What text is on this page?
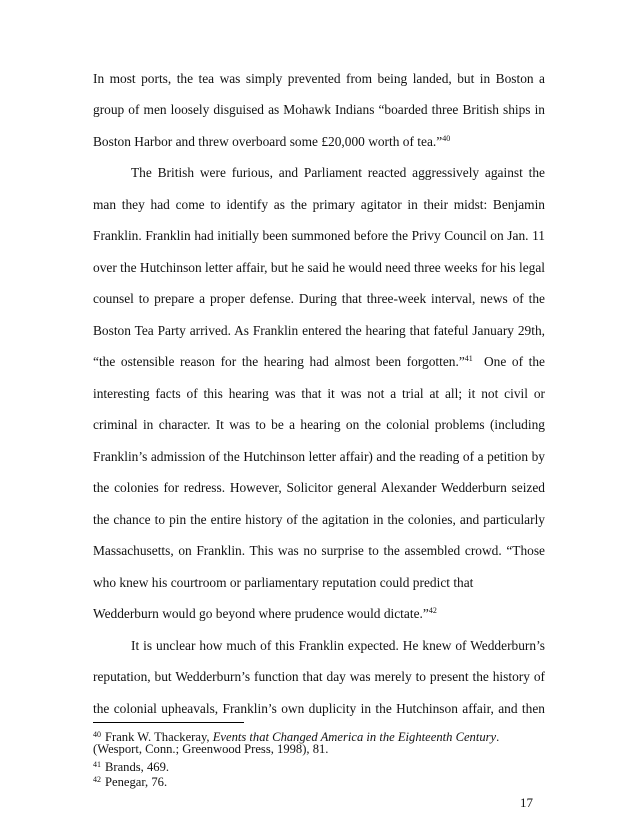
In most ports, the tea was simply prevented from being landed, but in Boston a
group of men loosely disguised as Mohawk Indians “boarded three British ships in
Boston Harbor and threw overboard some £20,000 worth of tea.”$^{40}$
The British were furious, and Parliament reacted aggressively against the
man they had come to identify as the primary agitator in their midst: Benjamin
Franklin. Franklin had initially been summoned before the Privy Council on Jan. 11
over the Hutchinson letter affair, but he said he would need three weeks for his legal
counsel to prepare a proper defense. During that three-week interval, news of the
Boston Tea Party arrived. As Franklin entered the hearing that fateful January 29th,
“the ostensible reason for the hearing had almost been forgotten.”$^{41}$  One of the
interesting facts of this hearing was that it was not a trial at all; it not civil or
criminal in character. It was to be a hearing on the colonial problems (including
Franklin’s admission of the Hutchinson letter affair) and the reading of a petition by
the colonies for redress. However, Solicitor general Alexander Wedderburn seized
the chance to pin the entire history of the agitation in the colonies, and particularly
Massachusetts, on Franklin. This was no surprise to the assembled crowd. “Those
who knew his courtroom or parliamentary reputation could predict that
Wedderburn would go beyond where prudence would dictate.”$^{42}$
It is unclear how much of this Franklin expected. He knew of Wedderburn’s
reputation, but Wedderburn’s function that day was merely to present the history of
the colonial upheavals, Franklin’s own duplicity in the Hutchinson affair, and then
$^{40}$ Frank W. Thackeray, Events that Changed America in the Eighteenth Century.
(Wesport, Conn.; Greenwood Press, 1998), 81.
$^{41}$ Brands, 469.
$^{42}$ Penegar, 76.
17
